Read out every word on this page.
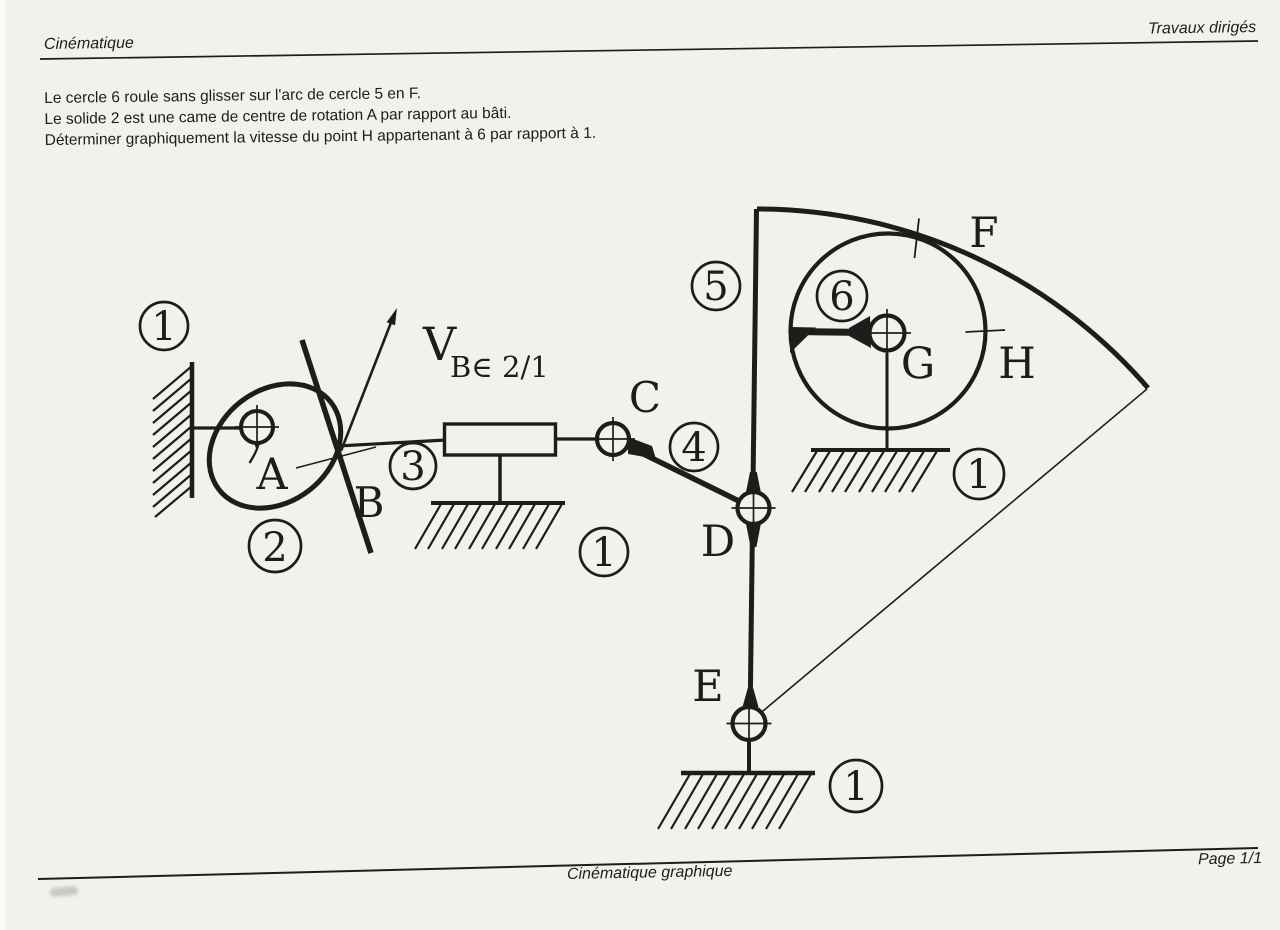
Cinématique
Travaux dirigés
Le cercle 6 roule sans glisser sur l'arc de cercle 5 en F.
Le solide 2 est une came de centre de rotation A par rapport au bâti.
Déterminer graphiquement la vitesse du point H appartenant à 6 par rapport à 1.
A
B
C
D
E
F
G H
V
B∈ 2/1
1
2
3	4
5	6
1
1
1
Cinématique graphique
Page 1/1
